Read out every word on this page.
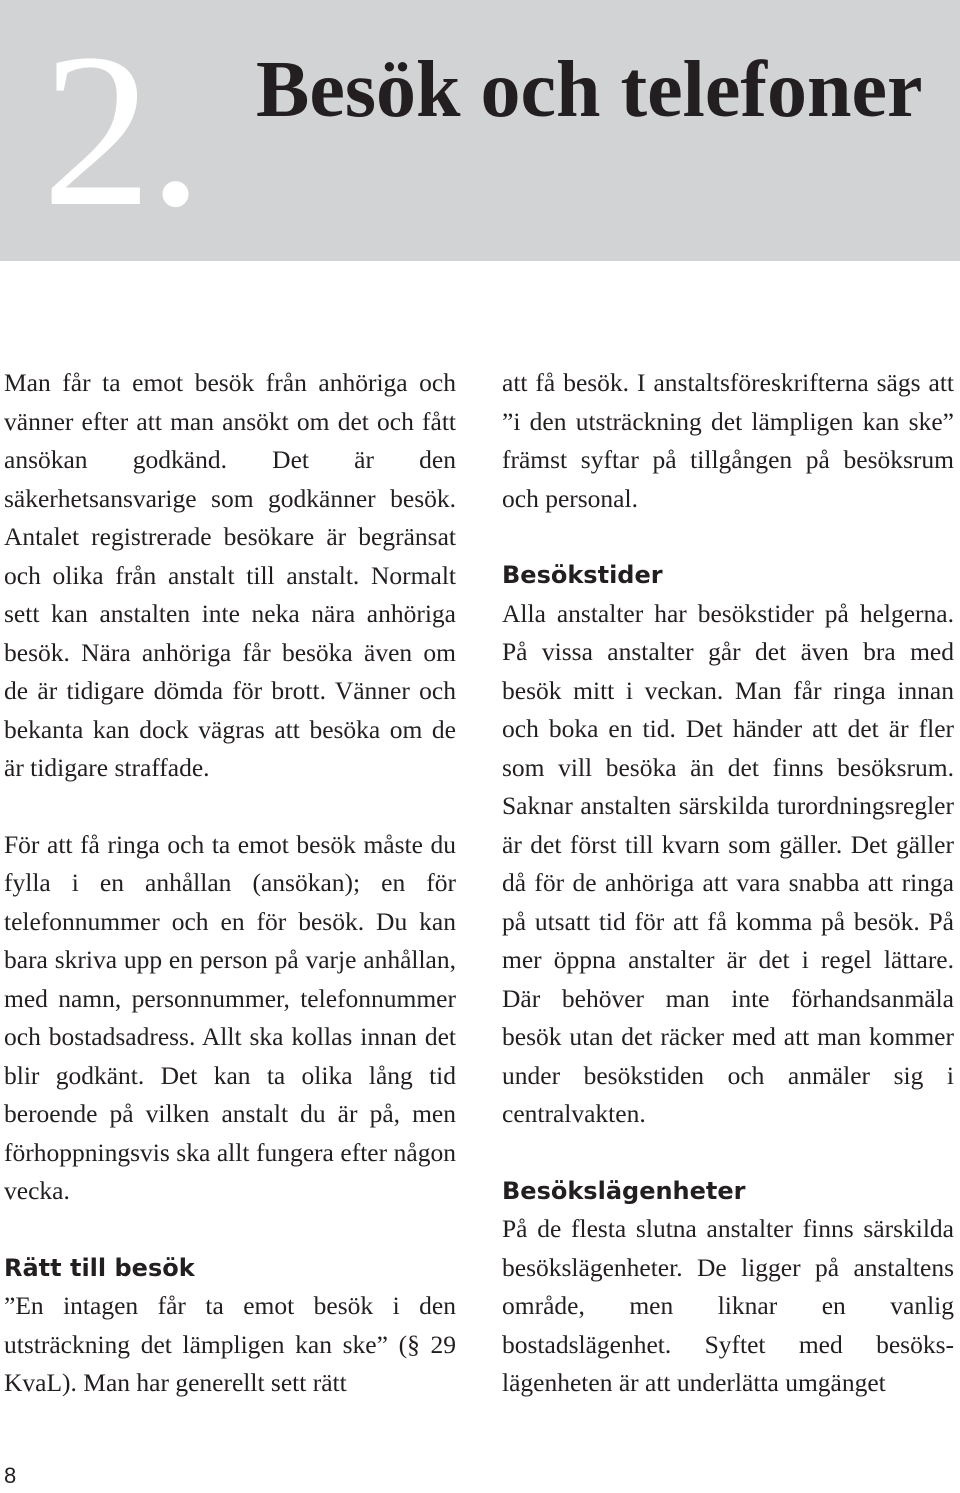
2. Besök och telefoner

Man får ta emot besök från anhöriga och vänner efter att man ansökt om det och fått ansökan godkänd. Det är den säkerhetsansvarige som godkänner besök. Antalet registrerade besökare är begränsat och olika från anstalt till anstalt. Normalt sett kan anstalten inte neka nära anhöriga besök. Nära anhöriga får besöka även om de är tidigare dömda för brott. Vänner och bekanta kan dock vägras att besöka om de är tidigare straffade.

För att få ringa och ta emot besök måste du fylla i en anhållan (ansökan); en för telefonnummer och en för besök. Du kan bara skriva upp en person på varje anhållan, med namn, personnummer, telefonnummer och bostadsadress. Allt ska kollas innan det blir godkänt. Det kan ta olika lång tid beroende på vilken anstalt du är på, men förhoppningsvis ska allt fungera efter någon vecka.

Rätt till besök

”En intagen får ta emot besök i den utsträckning det lämpligen kan ske” (§ 29 KvaL). Man har generellt sett rätt

att få besök. I anstaltsföreskrifterna sägs att ”i den utsträckning det lämpligen kan ske” främst syftar på tillgången på besöksrum och personal.

Besökstider

Alla anstalter har besökstider på helgerna. På vissa anstalter går det även bra med besök mitt i veckan. Man får ringa innan och boka en tid. Det händer att det är fler som vill besöka än det finns besöksrum. Saknar anstalten särskilda turordningsregler är det först till kvarn som gäller. Det gäller då för de anhöriga att vara snabba att ringa på utsatt tid för att få komma på besök. På mer öppna anstalter är det i regel lättare. Där behöver man inte förhandsanmäla besök utan det räcker med att man kommer under besökstiden och anmäler sig i centralvakten.

Besökslägenheter

På de flesta slutna anstalter finns särskilda besökslägenheter. De ligger på anstaltens område, men liknar en vanlig bostadslägenhet. Syftet med besökslägenheten är att underlätta umgänget

8
